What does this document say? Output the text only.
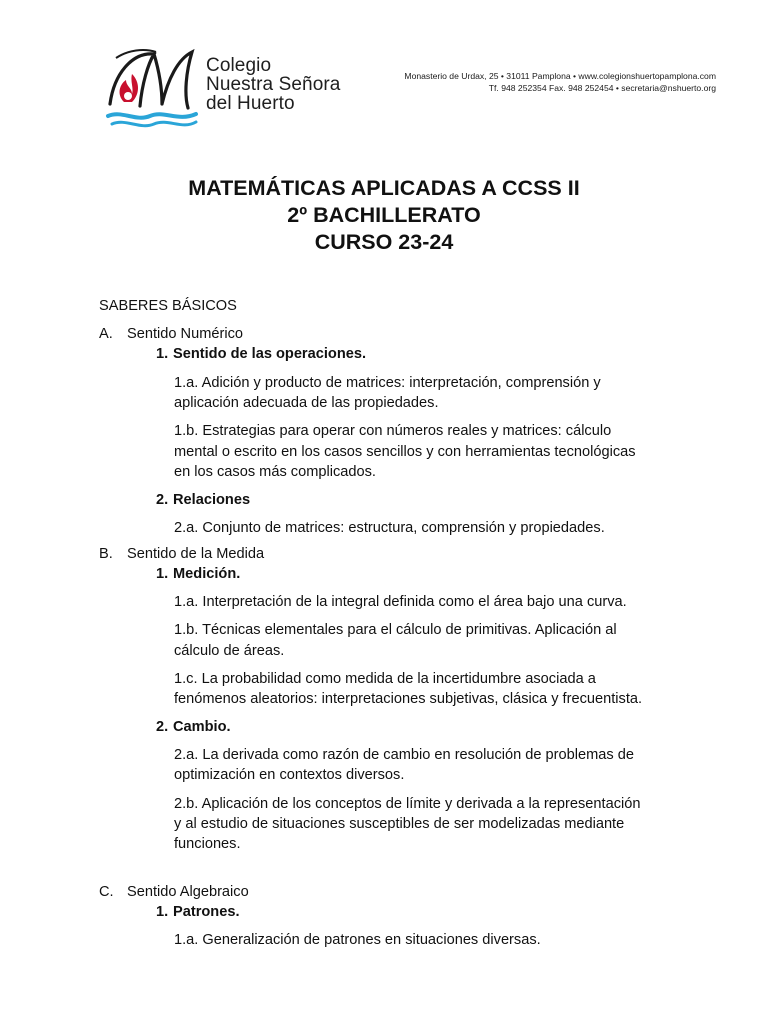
Colegio
Nuestra Señora
del Huerto
Monasterio de Urdax, 25 • 31011 Pamplona • www.colegionshuertopamplona.com
Tf. 948 252354 Fax. 948 252454 • secretaria@nshuerto.org
MATEMÁTICAS APLICADAS A CCSS II
2º BACHILLERATO
CURSO 23-24
SABERES BÁSICOS
A. Sentido Numérico
1. Sentido de las operaciones.
1.a. Adición y producto de matrices: interpretación, comprensión y aplicación adecuada de las propiedades.
1.b. Estrategias para operar con números reales y matrices: cálculo mental o escrito en los casos sencillos y con herramientas tecnológicas en los casos más complicados.
2. Relaciones
2.a. Conjunto de matrices: estructura, comprensión y propiedades.
B. Sentido de la Medida
1. Medición.
1.a. Interpretación de la integral definida como el área bajo una curva.
1.b. Técnicas elementales para el cálculo de primitivas. Aplicación al cálculo de áreas.
1.c. La probabilidad como medida de la incertidumbre asociada a fenómenos aleatorios: interpretaciones subjetivas, clásica y frecuentista.
2. Cambio.
2.a. La derivada como razón de cambio en resolución de problemas de optimización en contextos diversos.
2.b. Aplicación de los conceptos de límite y derivada a la representación y al estudio de situaciones susceptibles de ser modelizadas mediante funciones.
C. Sentido Algebraico
1. Patrones.
1.a. Generalización de patrones en situaciones diversas.
